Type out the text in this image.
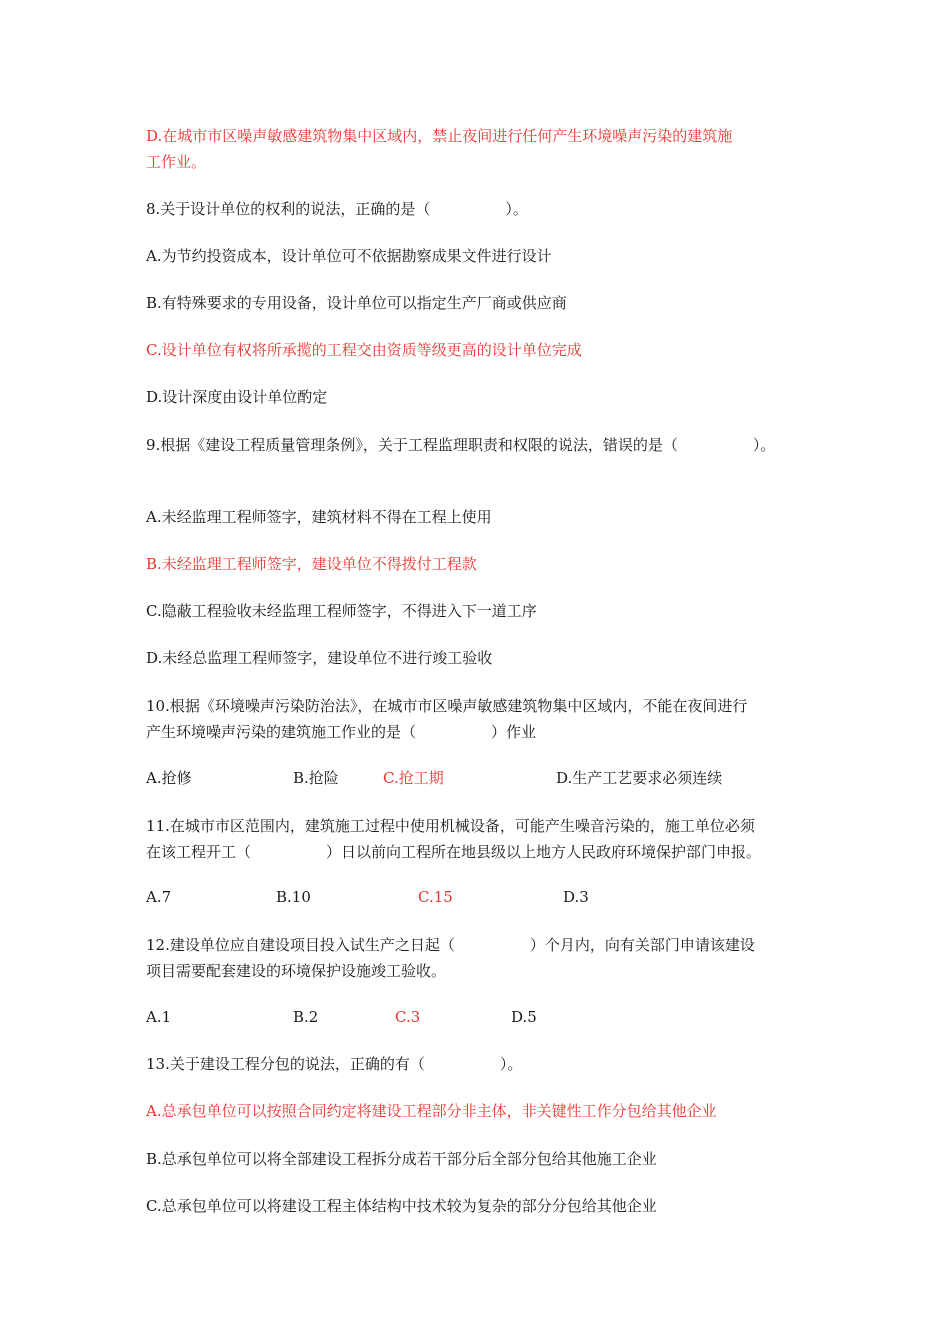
D.在城市市区噪声敏感建筑物集中区域内，禁止夜间进行任何产生环境噪声污染的建筑施
工作业。
8.关于设计单位的权利的说法，正确的是（　　　　　）。
A.为节约投资成本，设计单位可不依据勘察成果文件进行设计
B.有特殊要求的专用设备，设计单位可以指定生产厂商或供应商
C.设计单位有权将所承揽的工程交由资质等级更高的设计单位完成
D.设计深度由设计单位酌定
9.根据《建设工程质量管理条例》，关于工程监理职责和权限的说法，错误的是（　　　　　）。
A.未经监理工程师签字，建筑材料不得在工程上使用
B.未经监理工程师签字，建设单位不得拨付工程款
C.隐蔽工程验收未经监理工程师签字，不得进入下一道工序
D.未经总监理工程师签字，建设单位不进行竣工验收
10.根据《环境噪声污染防治法》，在城市市区噪声敏感建筑物集中区域内，不能在夜间进行
产生环境噪声污染的建筑施工作业的是（　　　　　）作业
A.抢修	B.抢险	C.抢工期	D.生产工艺要求必须连续
11.在城市市区范围内，建筑施工过程中使用机械设备，可能产生噪音污染的，施工单位必须
在该工程开工（　　　　　）日以前向工程所在地县级以上地方人民政府环境保护部门申报。
A.7	B.10	C.15	D.3
12.建设单位应自建设项目投入试生产之日起（　　　　　）个月内，向有关部门申请该建设
项目需要配套建设的环境保护设施竣工验收。
A.1	B.2	C.3	D.5
13.关于建设工程分包的说法，正确的有（　　　　　）。
A.总承包单位可以按照合同约定将建设工程部分非主体，非关键性工作分包给其他企业
B.总承包单位可以将全部建设工程拆分成若干部分后全部分包给其他施工企业
C.总承包单位可以将建设工程主体结构中技术较为复杂的部分分包给其他企业
